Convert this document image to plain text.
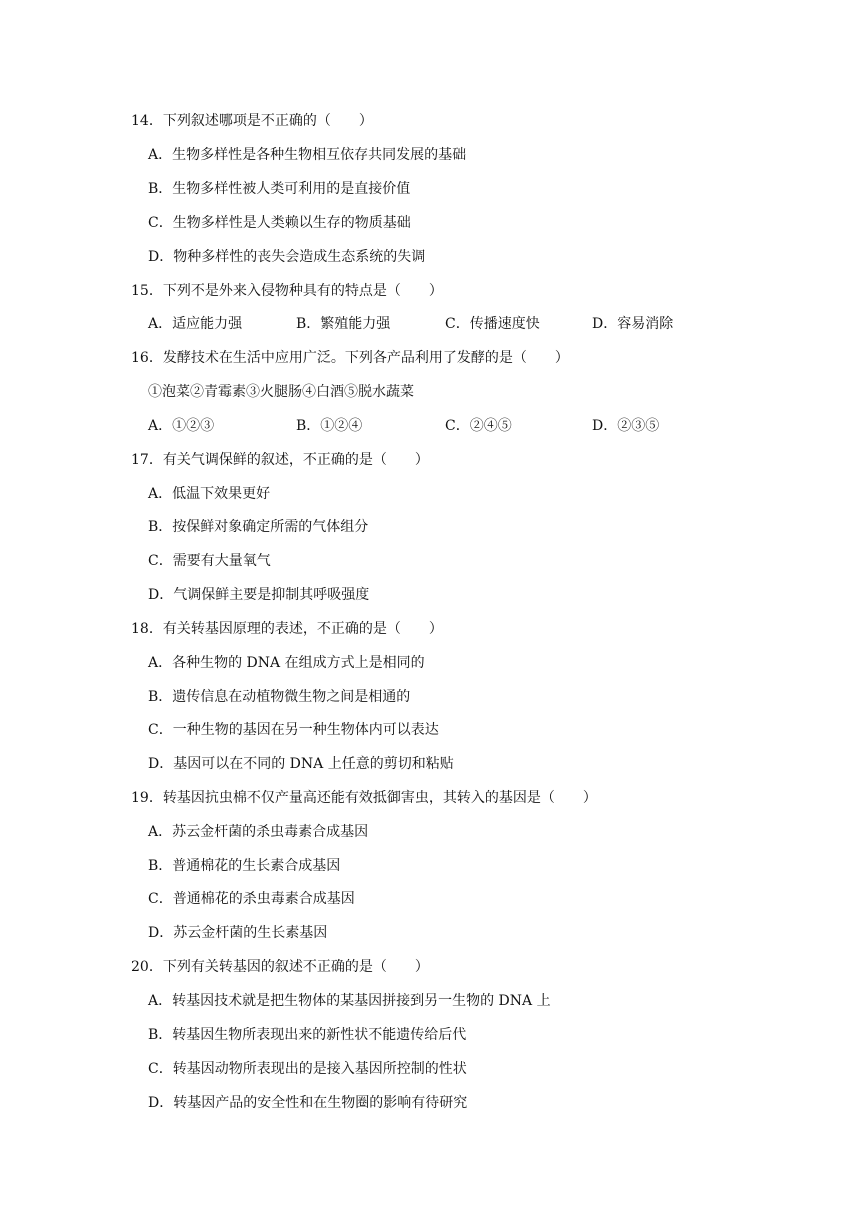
14．下列叙述哪项是不正确的（　　）
A．生物多样性是各种生物相互依存共同发展的基础
B．生物多样性被人类可利用的是直接价值
C．生物多样性是人类赖以生存的物质基础
D．物种多样性的丧失会造成生态系统的失调
15．下列不是外来入侵物种具有的特点是（　　）
A．适应能力强	B．繁殖能力强	C．传播速度快	D．容易消除
16．发酵技术在生活中应用广泛。下列各产品利用了发酵的是（　　）
①泡菜②青霉素③火腿肠④白酒⑤脱水蔬菜
A．①②③	B．①②④	C．②④⑤	D．②③⑤
17．有关气调保鲜的叙述，不正确的是（　　）
A．低温下效果更好
B．按保鲜对象确定所需的气体组分
C．需要有大量氧气
D．气调保鲜主要是抑制其呼吸强度
18．有关转基因原理的表述，不正确的是（　　）
A．各种生物的 DNA 在组成方式上是相同的
B．遗传信息在动植物微生物之间是相通的
C．一种生物的基因在另一种生物体内可以表达
D．基因可以在不同的 DNA 上任意的剪切和粘贴
19．转基因抗虫棉不仅产量高还能有效抵御害虫，其转入的基因是（　　）
A．苏云金杆菌的杀虫毒素合成基因
B．普通棉花的生长素合成基因
C．普通棉花的杀虫毒素合成基因
D．苏云金杆菌的生长素基因
20．下列有关转基因的叙述不正确的是（　　）
A．转基因技术就是把生物体的某基因拼接到另一生物的 DNA 上
B．转基因生物所表现出来的新性状不能遗传给后代
C．转基因动物所表现出的是接入基因所控制的性状
D．转基因产品的安全性和在生物圈的影响有待研究
